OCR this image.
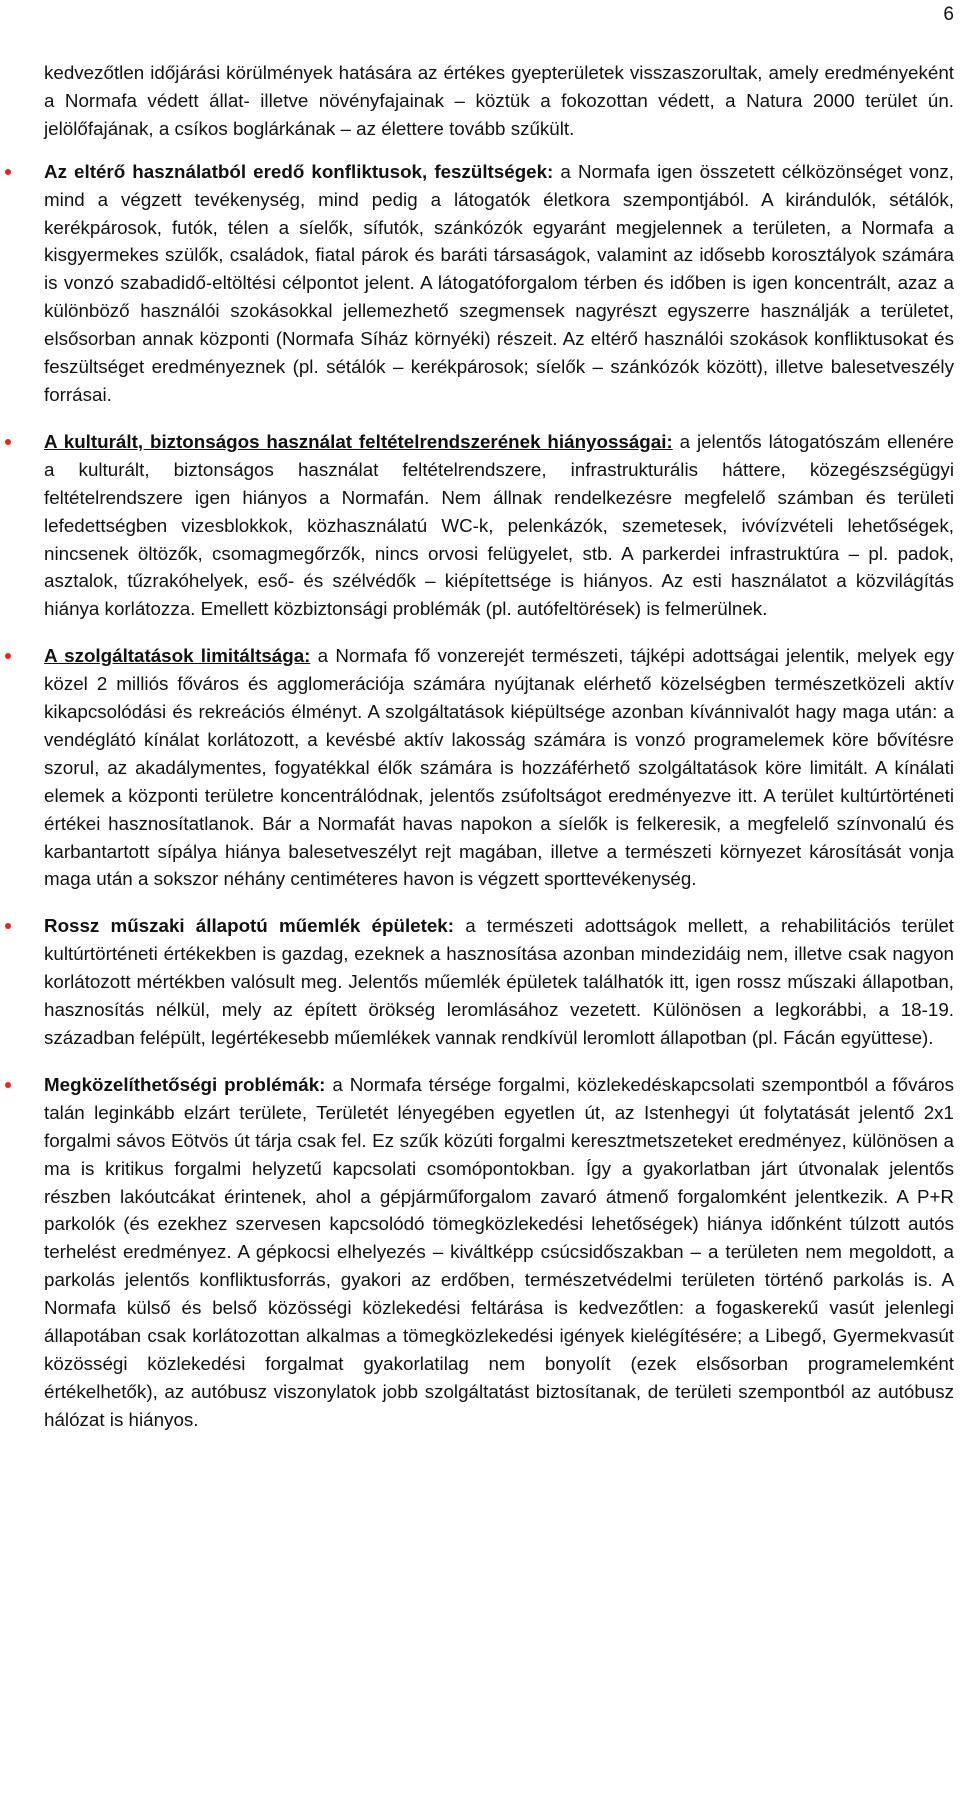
6

kedvezőtlen időjárási körülmények hatására az értékes gyepterületek visszaszorultak, amely eredményeként a Normafa védett állat- illetve növényfajainak – köztük a fokozottan védett, a Natura 2000 terület ún. jelölőfajának, a csíkos boglárkának – az élettere tovább szűkült.

Az eltérő használatból eredő konfliktusok, feszültségek: a Normafa igen összetett célközönséget vonz, mind a végzett tevékenység, mind pedig a látogatók életkora szempontjából. A kirándulók, sétálók, kerékpárosok, futók, télen a síelők, sífutók, szánkózók egyaránt megjelennek a területen, a Normafa a kisgyermekes szülők, családok, fiatal párok és baráti társaságok, valamint az idősebb korosztályok számára is vonzó szabadidő-eltöltési célpontot jelent. A látogatóforgalom térben és időben is igen koncentrált, azaz a különböző használói szokásokkal jellemezhető szegmensek nagyrészt egyszerre használják a területet, elsősorban annak központi (Normafa Síház környéki) részeit. Az eltérő használói szokások konfliktusokat és feszültséget eredményeznek (pl. sétálók – kerékpárosok; síelők – szánkózók között), illetve balesetveszély forrásai.

A kulturált, biztonságos használat feltételrendszerének hiányosságai: a jelentős látogatószám ellenére a kulturált, biztonságos használat feltételrendszere, infrastrukturális háttere, közegészségügyi feltételrendszere igen hiányos a Normafán. Nem állnak rendelkezésre megfelelő számban és területi lefedettségben vizesblokkok, közhasználatú WC-k, pelenkázók, szemetesek, ivóvízvételi lehetőségek, nincsenek öltözők, csomagmegőrzők, nincs orvosi felügyelet, stb. A parkerdei infrastruktúra – pl. padok, asztalok, tűzrakóhelyek, eső- és szélvédők – kiépítettsége is hiányos. Az esti használatot a közvilágítás hiánya korlátozza. Emellett közbiztonsági problémák (pl. autófeltörések) is felmerülnek.

A szolgáltatások limitáltsága: a Normafa fő vonzerejét természeti, tájképi adottságai jelentik, melyek egy közel 2 milliós főváros és agglomerációja számára nyújtanak elérhető közelségben természetközeli aktív kikapcsolódási és rekreációs élményt. A szolgáltatások kiépültsége azonban kívánnivalót hagy maga után: a vendéglátó kínálat korlátozott, a kevésbé aktív lakosság számára is vonzó programelemek köre bővítésre szorul, az akadálymentes, fogyatékkal élők számára is hozzáférhető szolgáltatások köre limitált. A kínálati elemek a központi területre koncentrálódnak, jelentős zsúfoltságot eredményezve itt. A terület kultúrtörténeti értékei hasznosítatlanok. Bár a Normafát havas napokon a síelők is felkeresik, a megfelelő színvonalú és karbantartott sípálya hiánya balesetveszélyt rejt magában, illetve a természeti környezet károsítását vonja maga után a sokszor néhány centiméteres havon is végzett sporttevékenység.

Rossz műszaki állapotú műemlék épületek: a természeti adottságok mellett, a rehabilitációs terület kultúrtörténeti értékekben is gazdag, ezeknek a hasznosítása azonban mindezidáig nem, illetve csak nagyon korlátozott mértékben valósult meg. Jelentős műemlék épületek találhatók itt, igen rossz műszaki állapotban, hasznosítás nélkül, mely az épített örökség leromlásához vezetett. Különösen a legkorábbi, a 18-19. században felépült, legértékesebb műemlékek vannak rendkívül leromlott állapotban (pl. Fácán együttese).

Megközelíthetőségi problémák: a Normafa térsége forgalmi, közlekedéskapcsolati szempontból a főváros talán leginkább elzárt területe, Területét lényegében egyetlen út, az Istenhegyi út folytatását jelentő 2x1 forgalmi sávos Eötvös út tárja csak fel. Ez szűk közúti forgalmi keresztmetszeteket eredményez, különösen a ma is kritikus forgalmi helyzetű kapcsolati csomópontokban. Így a gyakorlatban járt útvonalak jelentős részben lakóutcákat érintenek, ahol a gépjárműforgalom zavaró átmenő forgalomként jelentkezik. A P+R parkolók (és ezekhez szervesen kapcsolódó tömegközlekedési lehetőségek) hiánya időnként túlzott autós terhelést eredményez. A gépkocsi elhelyezés – kiváltképp csúcsidőszakban – a területen nem megoldott, a parkolás jelentős konfliktusforrás, gyakori az erdőben, természetvédelmi területen történő parkolás is. A Normafa külső és belső közösségi közlekedési feltárása is kedvezőtlen: a fogaskerekű vasút jelenlegi állapotában csak korlátozottan alkalmas a tömegközlekedési igények kielégítésére; a Libegő, Gyermekvasút közösségi közlekedési forgalmat gyakorlatilag nem bonyolít (ezek elsősorban programelemként értékelhetők), az autóbusz viszonylatok jobb szolgáltatást biztosítanak, de területi szempontból az autóbusz hálózat is hiányos.
